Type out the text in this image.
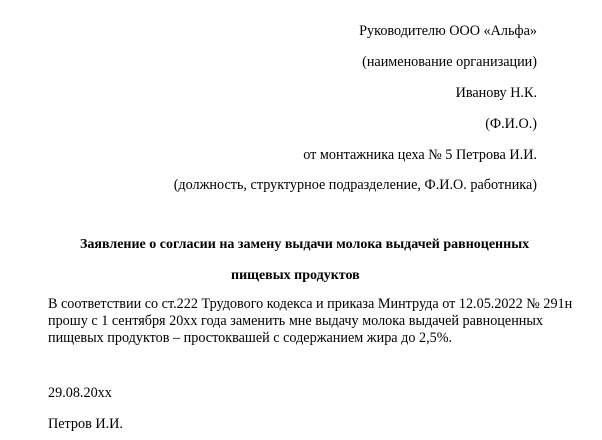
Руководителю ООО «Альфа»
(наименование организации)
Иванову Н.К.
(Ф.И.О.)
от монтажника цеха № 5 Петрова И.И.
(должность, структурное подразделение, Ф.И.О. работника)
Заявление о согласии на замену выдачи молока выдачей равноценных
пищевых продуктов
В соответствии со ст.222 Трудового кодекса и приказа Минтруда от 12.05.2022 № 291н
прошу с 1 сентября 20хх года заменить мне выдачу молока выдачей равноценных
пищевых продуктов – простоквашей с содержанием жира до 2,5%.
29.08.20хх
Петров И.И.
